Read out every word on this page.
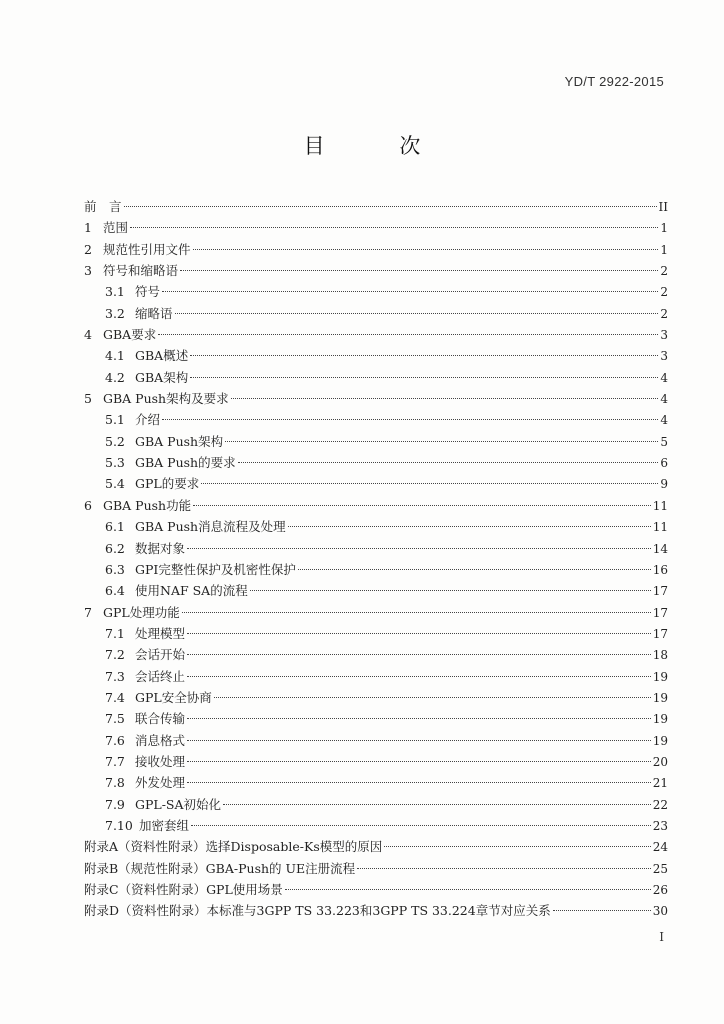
YD/T 2922-2015
目 次
前　言	II
1 范围	1
2 规范性引用文件	1
3 符号和缩略语	2
3.1 符号	2
3.2 缩略语	2
4 GBA要求	3
4.1 GBA概述	3
4.2 GBA架构	4
5 GBA Push架构及要求	4
5.1 介绍	4
5.2 GBA Push架构	5
5.3 GBA Push的要求	6
5.4 GPL的要求	9
6 GBA Push功能	11
6.1 GBA Push消息流程及处理	11
6.2 数据对象	14
6.3 GPI完整性保护及机密性保护	16
6.4 使用NAF SA的流程	17
7 GPL处理功能	17
7.1 处理模型	17
7.2 会话开始	18
7.3 会话终止	19
7.4 GPL安全协商	19
7.5 联合传输	19
7.6 消息格式	19
7.7 接收处理	20
7.8 外发处理	21
7.9 GPL-SA初始化	22
7.10 加密套组	23
附录A（资料性附录）选择Disposable-Ks模型的原因	24
附录B（规范性附录）GBA-Push的 UE注册流程	25
附录C（资料性附录）GPL使用场景	26
附录D（资料性附录）本标准与3GPP TS 33.223和3GPP TS 33.224章节对应关系	30
I
